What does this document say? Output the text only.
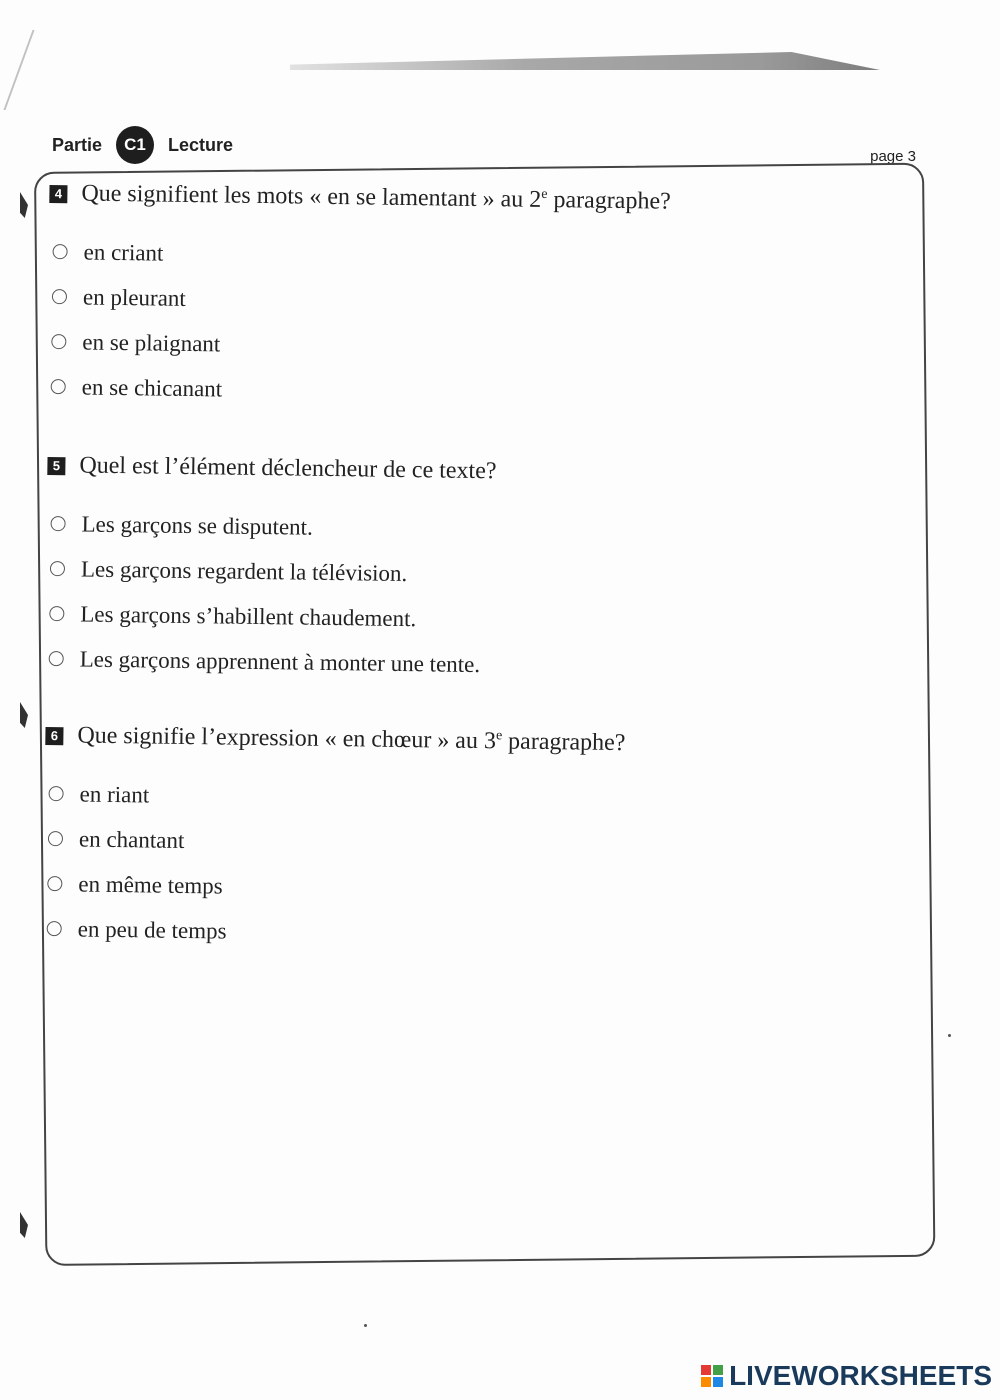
Partie	C1	Lecture
page 3
4 Que signifient les mots « en se lamentant » au 2e paragraphe?
en criant
en pleurant
en se plaignant
en se chicanant
5 Quel est l’élément déclencheur de ce texte?
Les garçons se disputent.
Les garçons regardent la télévision.
Les garçons s’habillent chaudement.
Les garçons apprennent à monter une tente.
6 Que signifie l’expression « en chœur » au 3e paragraphe?
en riant
en chantant
en même temps
en peu de temps
LIVEWORKSHEETS
